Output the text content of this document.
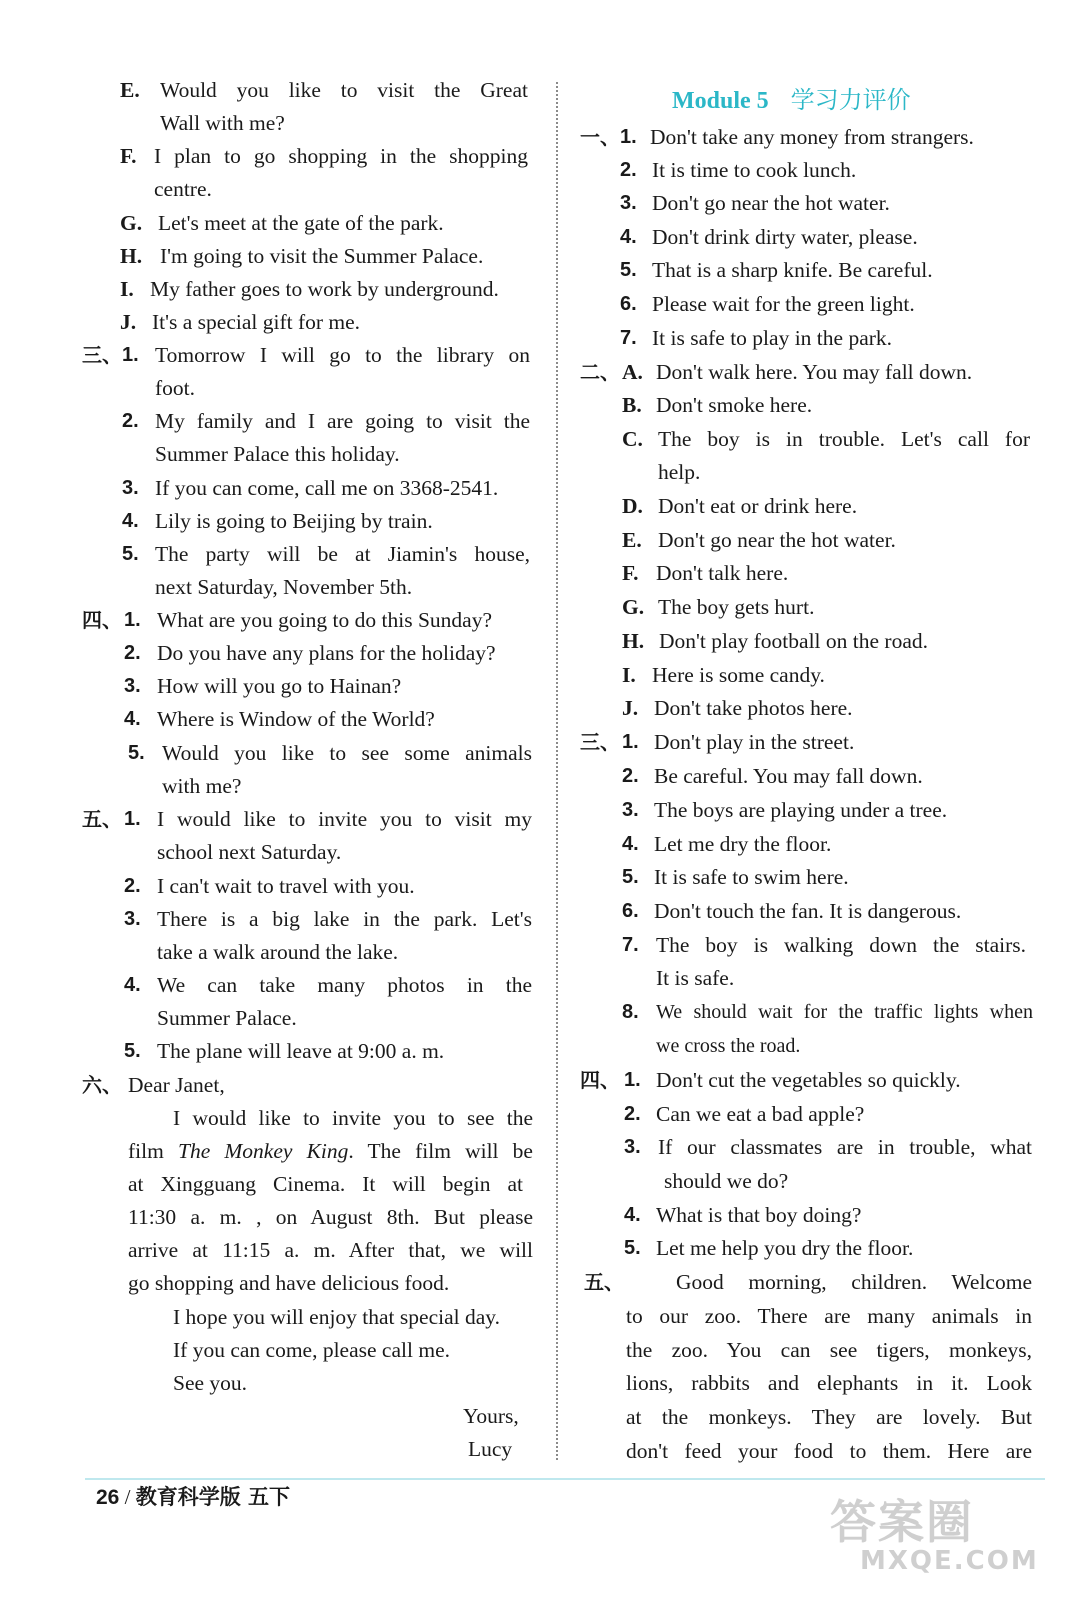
Module 5 学习力评价
E. Would you like to visit the Great
Wall with me?
F. I plan to go shopping in the shopping
centre.
G. Let's meet at the gate of the park.
H. I'm going to visit the Summer Palace.
I. My father goes to work by underground.
J. It's a special gift for me.
三、 1. Tomorrow I will go to the library on
foot.
2. My family and I are going to visit the
Summer Palace this holiday.
3. If you can come, call me on 3368-2541.
4. Lily is going to Beijing by train.
5. The party will be at Jiamin's house,
next Saturday, November 5th.
四、 1. What are you going to do this Sunday?
2. Do you have any plans for the holiday?
3. How will you go to Hainan?
4. Where is Window of the World?
5. Would you like to see some animals
with me?
五、 1. I would like to invite you to visit my
school next Saturday.
2. I can't wait to travel with you.
3. There is a big lake in the park. Let's
take a walk around the lake.
4. We can take many photos in the
Summer Palace.
5. The plane will leave at 9:00 a. m.
六、 Dear Janet,
I would like to invite you to see the
film The Monkey King. The film will be
at Xingguang Cinema. It will begin at
11:30 a. m. , on August 8th. But please
arrive at 11:15 a. m. After that, we will
go shopping and have delicious food.
I hope you will enjoy that special day.
If you can come, please call me.
See you.
Yours,
Lucy
一、 1. Don't take any money from strangers.
2. It is time to cook lunch.
3. Don't go near the hot water.
4. Don't drink dirty water, please.
5. That is a sharp knife. Be careful.
6. Please wait for the green light.
7. It is safe to play in the park.
二、 A. Don't walk here. You may fall down.
B. Don't smoke here.
C. The boy is in trouble. Let's call for
help.
D. Don't eat or drink here.
E. Don't go near the hot water.
F. Don't talk here.
G. The boy gets hurt.
H. Don't play football on the road.
I. Here is some candy.
J. Don't take photos here.
三、 1. Don't play in the street.
2. Be careful. You may fall down.
3. The boys are playing under a tree.
4. Let me dry the floor.
5. It is safe to swim here.
6. Don't touch the fan. It is dangerous.
7. The boy is walking down the stairs.
It is safe.
8. We should wait for the traffic lights when
we cross the road.
四、 1. Don't cut the vegetables so quickly.
2. Can we eat a bad apple?
3. If our classmates are in trouble, what
should we do?
4. What is that boy doing?
5. Let me help you dry the floor.
五、 Good morning, children. Welcome
to our zoo. There are many animals in
the zoo. You can see tigers, monkeys,
lions, rabbits and elephants in it. Look
at the monkeys. They are lovely. But
don't feed your food to them. Here are
26 / 教育科学版 五下	答案圈
MXQE.COM
